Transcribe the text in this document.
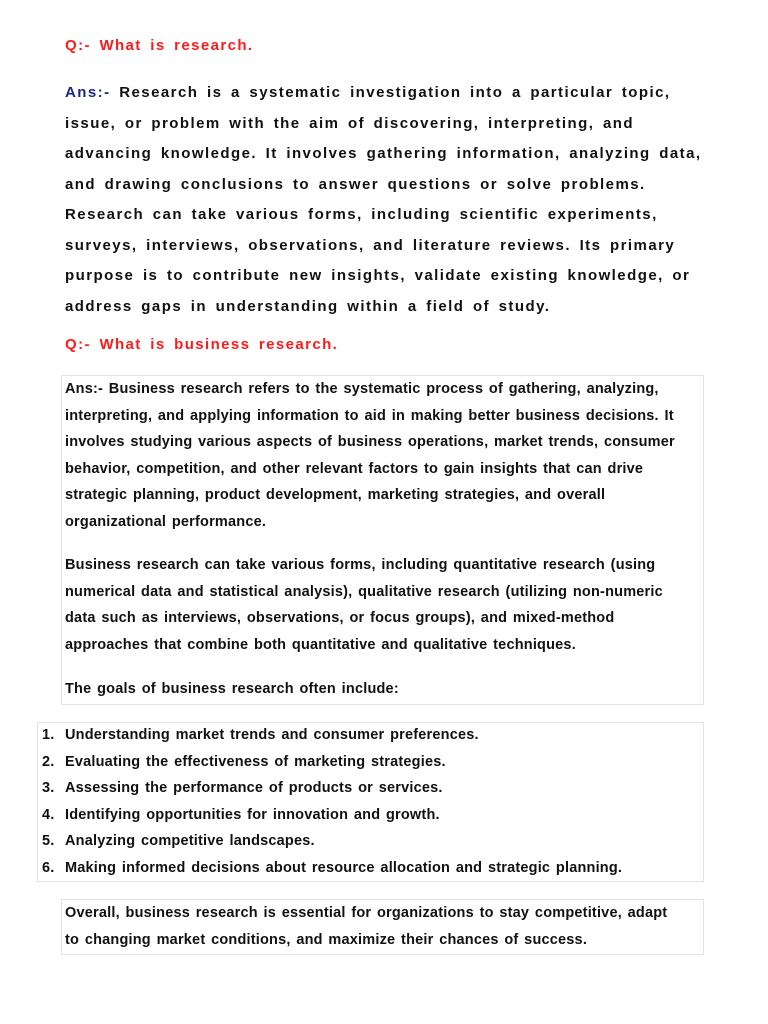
Q:- What is research.
Ans:- Research is a systematic investigation into a particular topic,
issue, or problem with the aim of discovering, interpreting, and
advancing knowledge. It involves gathering information, analyzing data,
and drawing conclusions to answer questions or solve problems.
Research can take various forms, including scientific experiments,
surveys, interviews, observations, and literature reviews. Its primary
purpose is to contribute new insights, validate existing knowledge, or
address gaps in understanding within a field of study.
Q:- What is business research.
Ans:- Business research refers to the systematic process of gathering, analyzing,
interpreting, and applying information to aid in making better business decisions. It
involves studying various aspects of business operations, market trends, consumer
behavior, competition, and other relevant factors to gain insights that can drive
strategic planning, product development, marketing strategies, and overall
organizational performance.
Business research can take various forms, including quantitative research (using
numerical data and statistical analysis), qualitative research (utilizing non-numeric
data such as interviews, observations, or focus groups), and mixed-method
approaches that combine both quantitative and qualitative techniques.
The goals of business research often include:
1. Understanding market trends and consumer preferences.
2. Evaluating the effectiveness of marketing strategies.
3. Assessing the performance of products or services.
4. Identifying opportunities for innovation and growth.
5. Analyzing competitive landscapes.
6. Making informed decisions about resource allocation and strategic planning.
Overall, business research is essential for organizations to stay competitive, adapt
to changing market conditions, and maximize their chances of success.
